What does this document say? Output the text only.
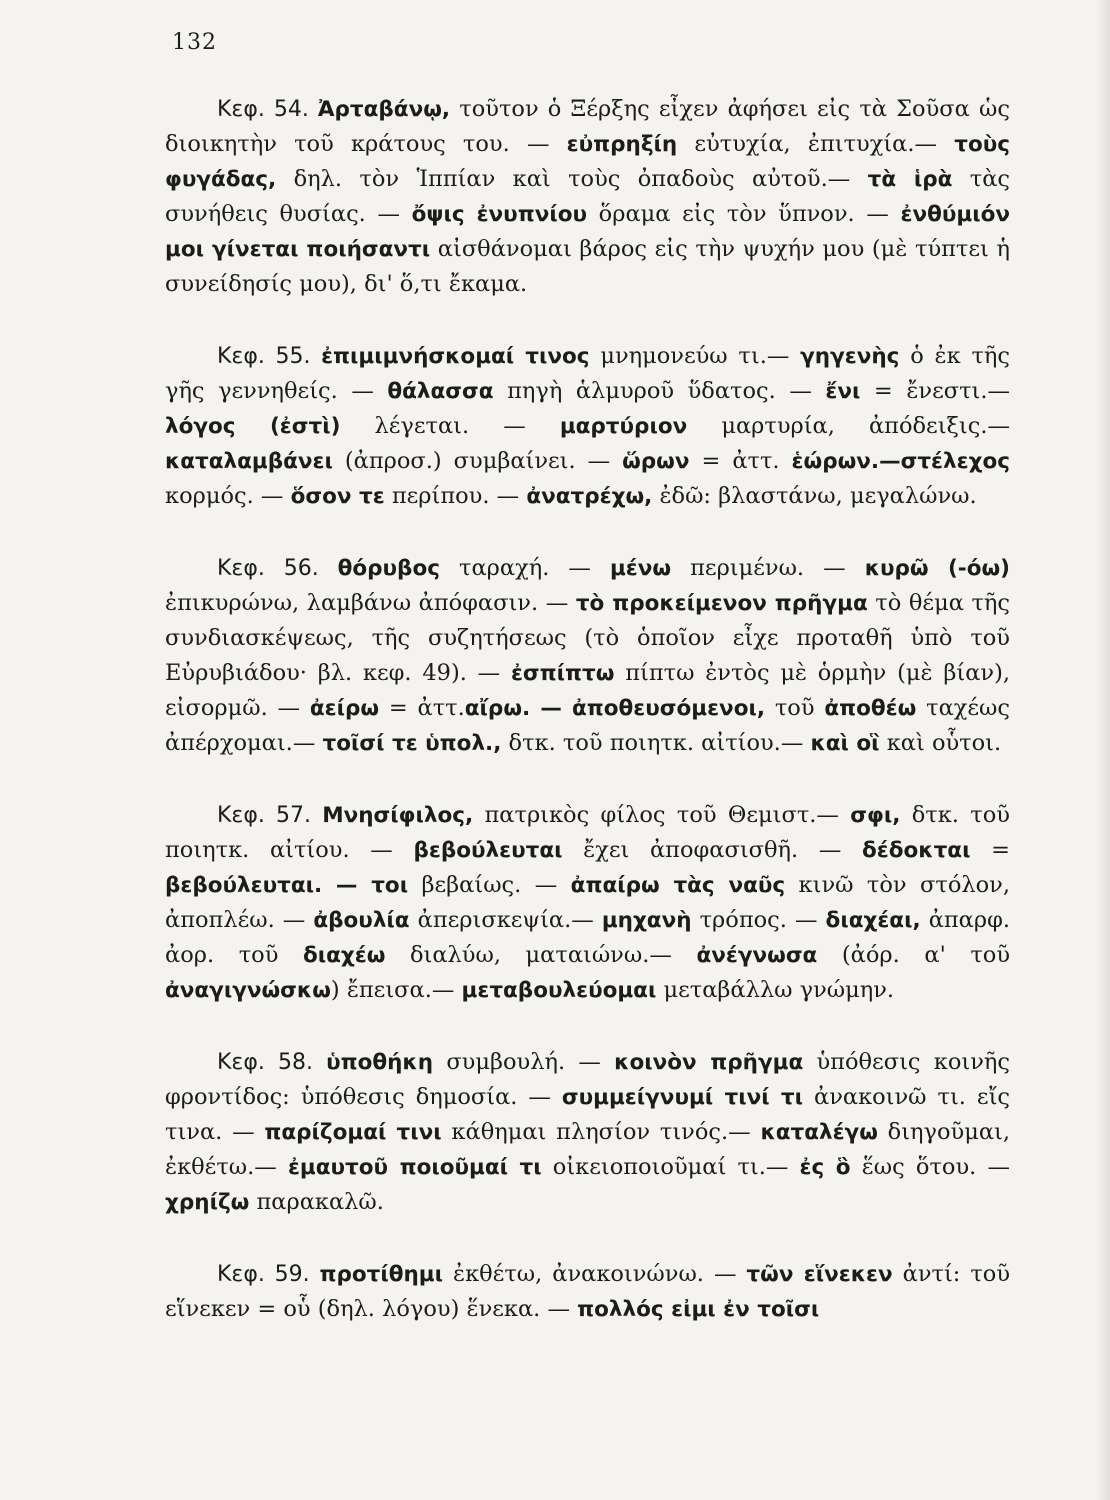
132

Κεφ. 54. Ἀρταβάνῳ, τοῦτον ὁ Ξέρξης εἶχεν ἀφήσει εἰς τὰ Σοῦσα ὡς διοικητὴν τοῦ κράτους του. — εὐπρηξίη εὐτυχία, ἐπιτυχία.— τοὺς φυγάδας, δηλ. τὸν Ἱππίαν καὶ τοὺς ὀπαδοὺς αὐτοῦ.— τὰ ἱρὰ τὰς συνήθεις θυσίας. — ὄψις ἐνυπνίου ὅραμα εἰς τὸν ὕπνον. — ἐνθύμιόν μοι γίνεται ποιήσαντι αἰσθάνομαι βάρος εἰς τὴν ψυχήν μου (μὲ τύπτει ἡ συνείδησίς μου), δι' ὅ,τι ἔκαμα.

Κεφ. 55. ἐπιμιμνήσκομαί τινος μνημονεύω τι.— γηγενὴς ὁ ἐκ τῆς γῆς γεννηθείς. — θάλασσα πηγὴ ἁλμυροῦ ὕδατος. — ἔνι = ἔνεστι.—λόγος (ἐστὶ) λέγεται. — μαρτύριον μαρτυρία, ἀπόδειξις.— καταλαμβάνει (ἀπροσ.) συμβαίνει. — ὥρων = ἀττ. ἑώρων.—στέλεχος κορμός. — ὅσον τε περίπου. — ἀνατρέχω, ἐδῶ: βλαστάνω, μεγαλώνω.

Κεφ. 56. θόρυβος ταραχή. — μένω περιμένω. — κυρῶ (-όω) ἐπικυρώνω, λαμβάνω ἀπόφασιν. — τὸ προκείμενον πρῆγμα τὸ θέμα τῆς συνδιασκέψεως, τῆς συζητήσεως (τὸ ὁποῖον εἶχε προταθῆ ὑπὸ τοῦ Εὐρυβιάδου· βλ. κεφ. 49). — ἐσπίπτω πίπτω ἐντὸς μὲ ὁρμὴν (μὲ βίαν), εἰσορμῶ. — ἀείρω = ἀττ.αἴρω. — ἀποθευσόμενοι, τοῦ ἀποθέω ταχέως ἀπέρχομαι.— τοῖσί τε ὑπολ., δτκ. τοῦ ποιητκ. αἰτίου.— καὶ οἳ καὶ οὗτοι.

Κεφ. 57. Μνησίφιλος, πατρικὸς φίλος τοῦ Θεμιστ.— σφι, δτκ. τοῦ ποιητκ. αἰτίου. — βεβούλευται ἔχει ἀποφασισθῆ. — δέδοκται = βεβούλευται. — τοι βεβαίως. — ἀπαίρω τὰς ναῦς κινῶ τὸν στόλον, ἀποπλέω. — ἀβουλία ἀπερισκεψία.— μηχανὴ τρόπος. — διαχέαι, ἀπαρφ. ἀορ. τοῦ διαχέω διαλύω, ματαιώνω.— ἀνέγνωσα (ἀόρ. α' τοῦ ἀναγιγνώσκω) ἔπεισα.— μεταβουλεύομαι μεταβάλλω γνώμην.

Κεφ. 58. ὑποθήκη συμβουλή. — κοινὸν πρῆγμα ὑπόθεσις κοινῆς φροντίδος: ὑπόθεσις δημοσία. — συμμείγνυμί τινί τι ἀνακοινῶ τι. εἴς τινα. — παρίζομαί τινι κάθημαι πλησίον τινός.— καταλέγω διηγοῦμαι, ἐκθέτω.— ἐμαυτοῦ ποιοῦμαί τι οἰκειοποιοῦμαί τι.— ἐς ὃ ἕως ὅτου. — χρηίζω παρακαλῶ.

Κεφ. 59. προτίθημι ἐκθέτω, ἀνακοινώνω. — τῶν εἵνεκεν ἀντί: τοῦ εἵνεκεν = οὗ (δηλ. λόγου) ἕνεκα. — πολλός εἰμι ἐν τοῖσι
